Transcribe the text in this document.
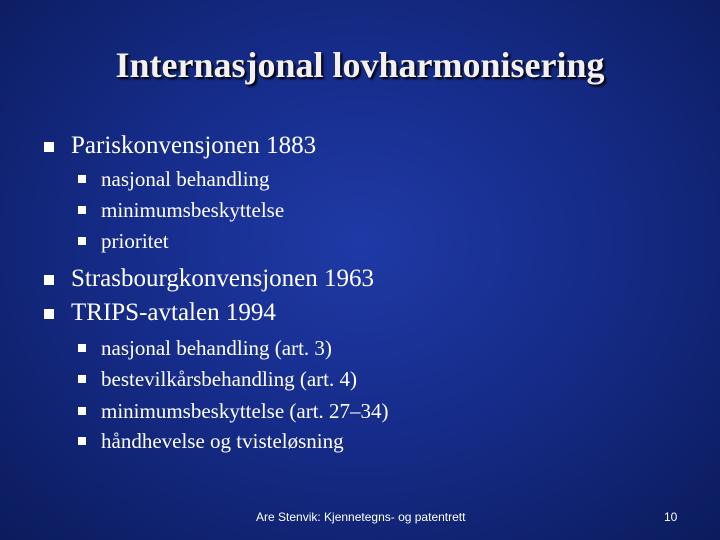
Internasjonal lovharmonisering
Pariskonvensjonen 1883
nasjonal behandling
minimumsbeskyttelse
prioritet
Strasbourgkonvensjonen 1963
TRIPS-avtalen 1994
nasjonal behandling (art. 3)
bestevilkårsbehandling (art. 4)
minimumsbeskyttelse (art. 27–34)
håndhevelse og tvisteløsning
Are Stenvik: Kjennetegns- og patentrett	10
